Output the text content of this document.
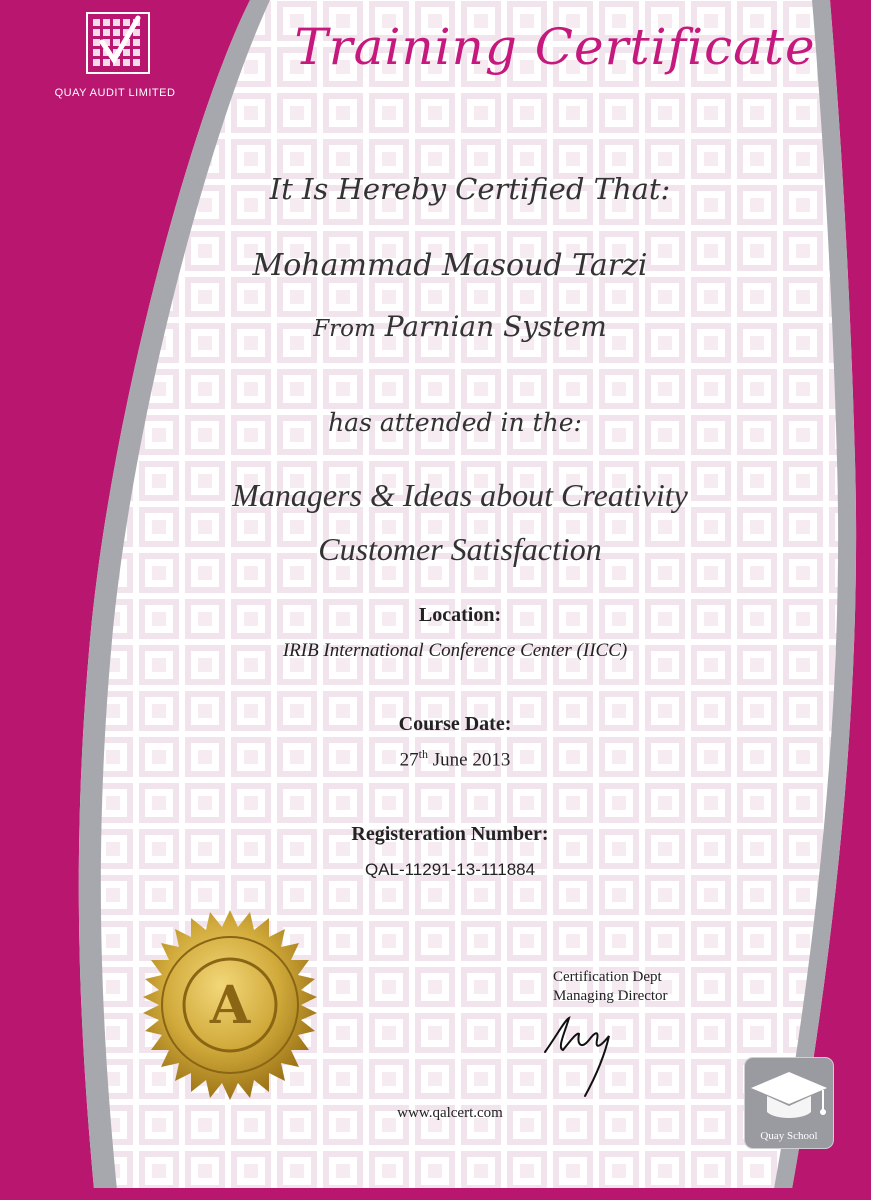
QUAY AUDIT LIMITED
Training Certificate
It Is Hereby Certified That:
Mohammad Masoud Tarzi
From Parnian System
has attended in the:
Managers & Ideas about Creativity
Customer Satisfaction
Location:
IRIB International Conference Center (IICC)
Course Date:
27th June 2013
Registeration Number:
QAL-11291-13-111884
A	Certification Dept
Managing Director
www.qalcert.com
Quay School
